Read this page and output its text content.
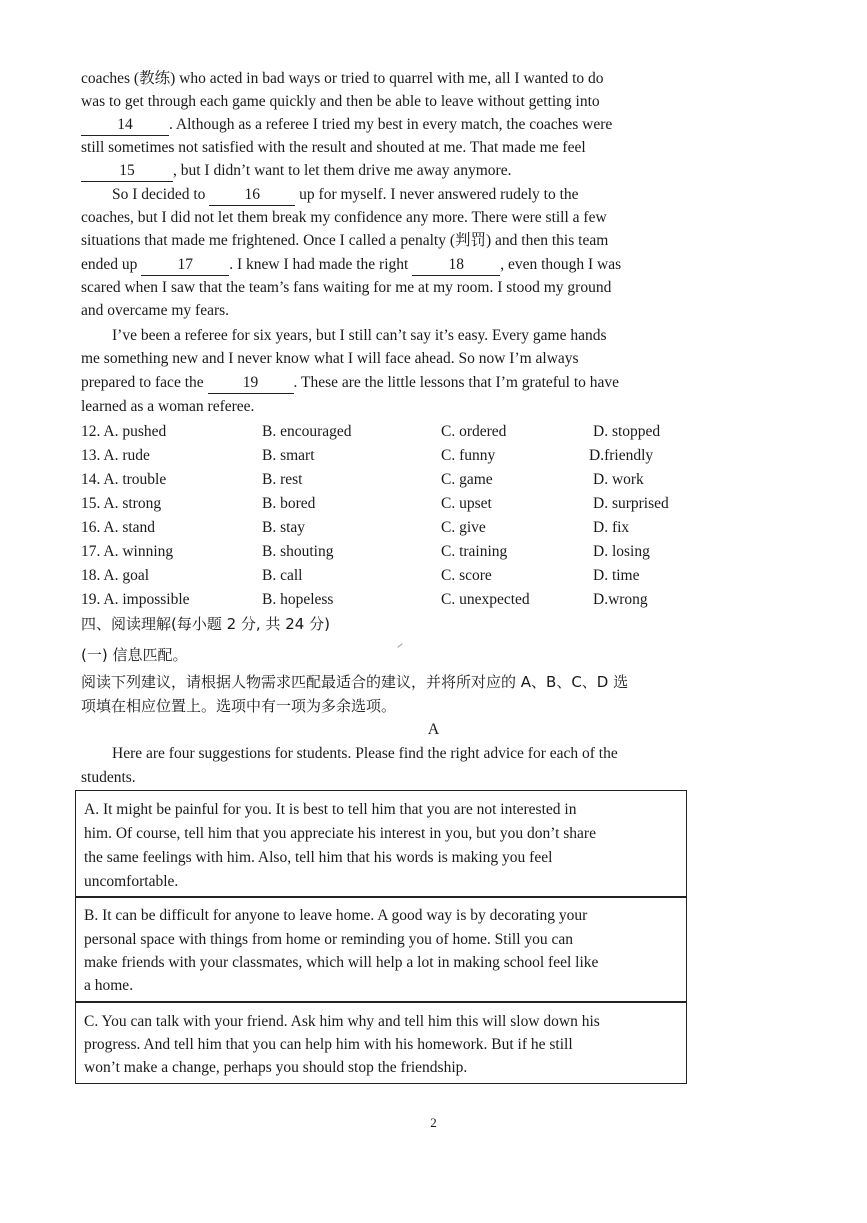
coaches (教练) who acted in bad ways or tried to quarrel with me, all I wanted to do
was to get through each game quickly and then be able to leave without getting into
14 . Although as a referee I tried my best in every match, the coaches were
still sometimes not satisfied with the result and shouted at me. That made me feel
15 , but I didn’t want to let them drive me away anymore.
So I decided to	16	up for myself. I never answered rudely to the
coaches, but I did not let them break my confidence any more. There were still a few
situations that made me frightened. Once I called a penalty (判罚) and then this team
ended up	17 . I knew I had made the right	18 , even though I was
scared when I saw that the team’s fans waiting for me at my room. I stood my ground
and overcame my fears.
I’ve been a referee for six years, but I still can’t say it’s easy. Every game hands
me something new and I never know what I will face ahead. So now I’m always
prepared to face the	19 . These are the little lessons that I’m grateful to have
learned as a woman referee.
12. A. pushed	B. encouraged	C. ordered	D. stopped
13. A. rude	B. smart	C. funny	D.friendly
14. A. trouble	B. rest	C. game	D. work
15. A. strong	B. bored	C. upset	D. surprised
16. A. stand	B. stay	C. give	D. fix
17. A. winning	B. shouting	C. training	D. losing
18. A. goal	B. call	C. score	D. time
19. A. impossible	B. hopeless	C. unexpected	D.wrong
四、阅读理解(每小题 2 分, 共 24 分)
(一) 信息匹配。
阅读下列建议，请根据人物需求匹配最适合的建议，并将所对应的 A、B、C、D 选
项填在相应位置上。选项中有一项为多余选项。
A
Here are four suggestions for students. Please find the right advice for each of the
students.
A. It might be painful for you. It is best to tell him that you are not interested in
him. Of course, tell him that you appreciate his interest in you, but you don’t share
the same feelings with him. Also, tell him that his words is making you feel
uncomfortable.
B. It can be difficult for anyone to leave home. A good way is by decorating your
personal space with things from home or reminding you of home. Still you can
make friends with your classmates, which will help a lot in making school feel like
a home.
C. You can talk with your friend. Ask him why and tell him this will slow down his
progress. And tell him that you can help him with his homework. But if he still
won’t make a change, perhaps you should stop the friendship.
2
